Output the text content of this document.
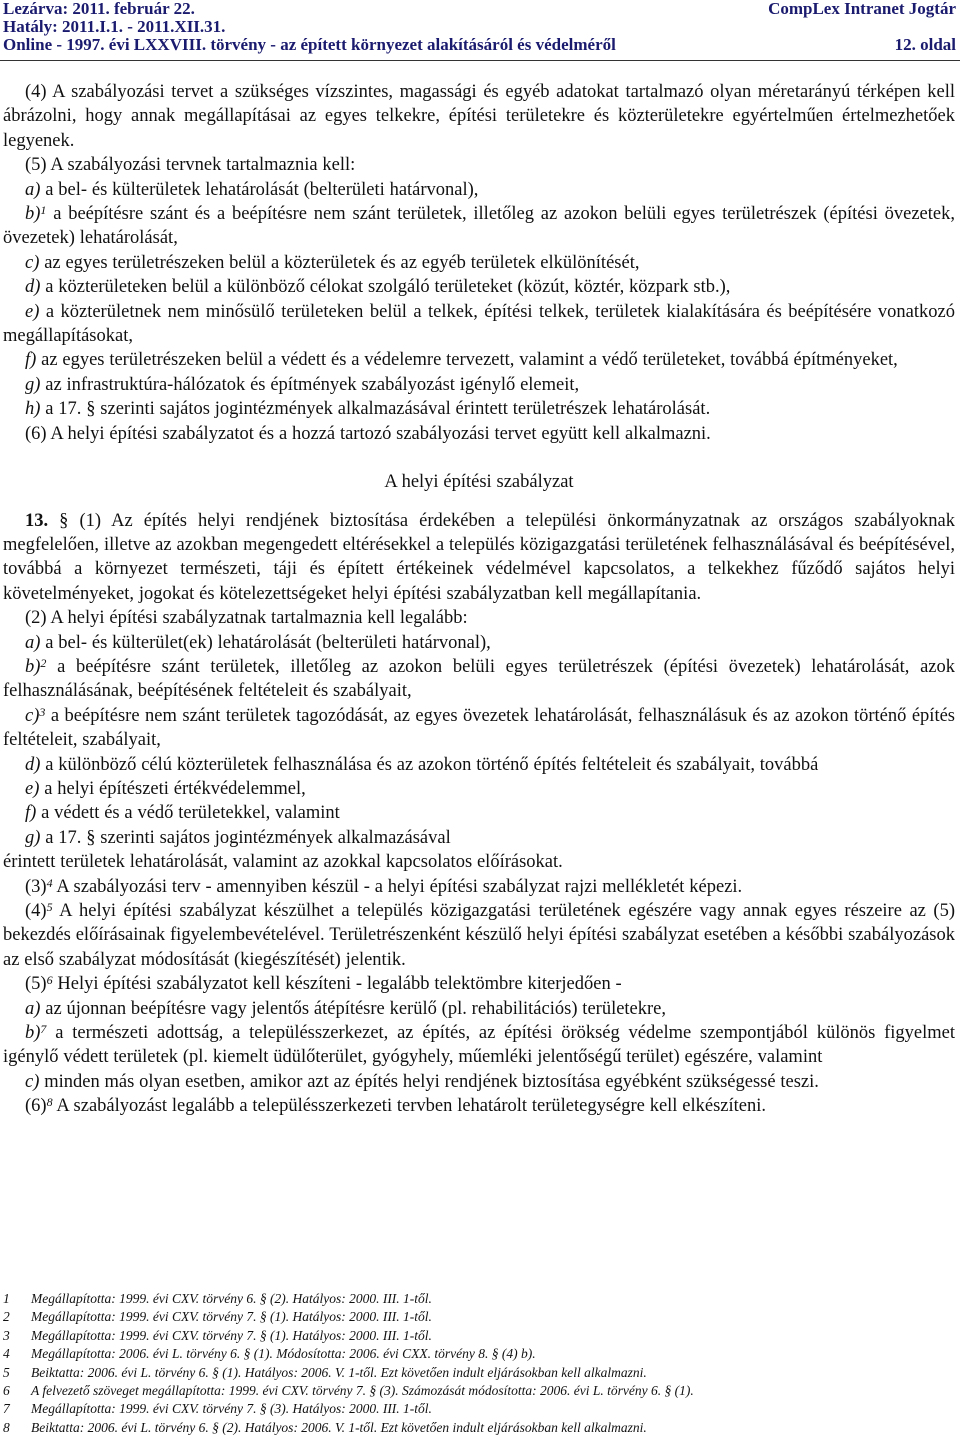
Lezárva: 2011. február 22.	CompLex Intranet Jogtár
Hatály: 2011.I.1. - 2011.XII.31.
Online - 1997. évi LXXVIII. törvény - az épített környezet alakításáról és védelméről	12. oldal

(4) A szabályozási tervet a szükséges vízszintes, magassági és egyéb adatokat tartalmazó olyan méretarányú térképen kell ábrázolni, hogy annak megállapításai az egyes telkekre, építési területekre és közterületekre egyértelműen értelmezhetőek legyenek.

(5) A szabályozási tervnek tartalmaznia kell:

a) a bel- és külterületek lehatárolását (belterületi határvonal),

b)$^1$ a beépítésre szánt és a beépítésre nem szánt területek, illetőleg az azokon belüli egyes területrészek (építési övezetek, övezetek) lehatárolását,

c) az egyes területrészeken belül a közterületek és az egyéb területek elkülönítését,

d) a közterületeken belül a különböző célokat szolgáló területeket (közút, köztér, közpark stb.),

e) a közterületnek nem minősülő területeken belül a telkek, építési telkek, területek kialakítására és beépítésére vonatkozó megállapításokat,

f) az egyes területrészeken belül a védett és a védelemre tervezett, valamint a védő területeket, továbbá építményeket,

g) az infrastruktúra-hálózatok és építmények szabályozást igénylő elemeit,

h) a 17. § szerinti sajátos jogintézmények alkalmazásával érintett területrészek lehatárolását.

(6) A helyi építési szabályzatot és a hozzá tartozó szabályozási tervet együtt kell alkalmazni.

A helyi építési szabályzat

13. § (1) Az építés helyi rendjének biztosítása érdekében a települési önkormányzatnak az országos szabályoknak megfelelően, illetve az azokban megengedett eltérésekkel a település közigazgatási területének felhasználásával és beépítésével, továbbá a környezet természeti, táji és épített értékeinek védelmével kapcsolatos, a telkekhez fűződő sajátos helyi követelményeket, jogokat és kötelezettségeket helyi építési szabályzatban kell megállapítania.

(2) A helyi építési szabályzatnak tartalmaznia kell legalább:

a) a bel- és külterület(ek) lehatárolását (belterületi határvonal),

b)$^2$ a beépítésre szánt területek, illetőleg az azokon belüli egyes területrészek (építési övezetek) lehatárolását, azok felhasználásának, beépítésének feltételeit és szabályait,

c)$^3$ a beépítésre nem szánt területek tagozódását, az egyes övezetek lehatárolását, felhasználásuk és az azokon történő építés feltételeit, szabályait,

d) a különböző célú közterületek felhasználása és az azokon történő építés feltételeit és szabályait, továbbá

e) a helyi építészeti értékvédelemmel,

f) a védett és a védő területekkel, valamint

g) a 17. § szerinti sajátos jogintézmények alkalmazásával

érintett területek lehatárolását, valamint az azokkal kapcsolatos előírásokat.

(3)$^4$ A szabályozási terv - amennyiben készül - a helyi építési szabályzat rajzi mellékletét képezi.

(4)$^5$ A helyi építési szabályzat készülhet a település közigazgatási területének egészére vagy annak egyes részeire az (5) bekezdés előírásainak figyelembevételével. Területrészenként készülő helyi építési szabályzat esetében a későbbi szabályozások az első szabályzat módosítását (kiegészítését) jelentik.

(5)$^6$ Helyi építési szabályzatot kell készíteni - legalább telektömbre kiterjedően -

a) az újonnan beépítésre vagy jelentős átépítésre kerülő (pl. rehabilitációs) területekre,

b)$^7$ a természeti adottság, a településszerkezet, az építés, az építési örökség védelme szempontjából különös figyelmet igénylő védett területek (pl. kiemelt üdülőterület, gyógyhely, műemléki jelentőségű terület) egészére, valamint

c) minden más olyan esetben, amikor azt az építés helyi rendjének biztosítása egyébként szükségessé teszi.

(6)$^8$ A szabályozást legalább a településszerkezeti tervben lehatárolt területegységre kell elkészíteni.

1 Megállapította: 1999. évi CXV. törvény 6. § (2). Hatályos: 2000. III. 1-től.
2 Megállapította: 1999. évi CXV. törvény 7. § (1). Hatályos: 2000. III. 1-től.
3 Megállapította: 1999. évi CXV. törvény 7. § (1). Hatályos: 2000. III. 1-től.
4 Megállapította: 2006. évi L. törvény 6. § (1). Módosította: 2006. évi CXX. törvény 8. § (4) b).
5 Beiktatta: 2006. évi L. törvény 6. § (1). Hatályos: 2006. V. 1-től. Ezt követően indult eljárásokban kell alkalmazni.
6 A felvezető szöveget megállapította: 1999. évi CXV. törvény 7. § (3). Számozását módosította: 2006. évi L. törvény 6. § (1).
7 Megállapította: 1999. évi CXV. törvény 7. § (3). Hatályos: 2000. III. 1-től.
8 Beiktatta: 2006. évi L. törvény 6. § (2). Hatályos: 2006. V. 1-től. Ezt követően indult eljárásokban kell alkalmazni.
